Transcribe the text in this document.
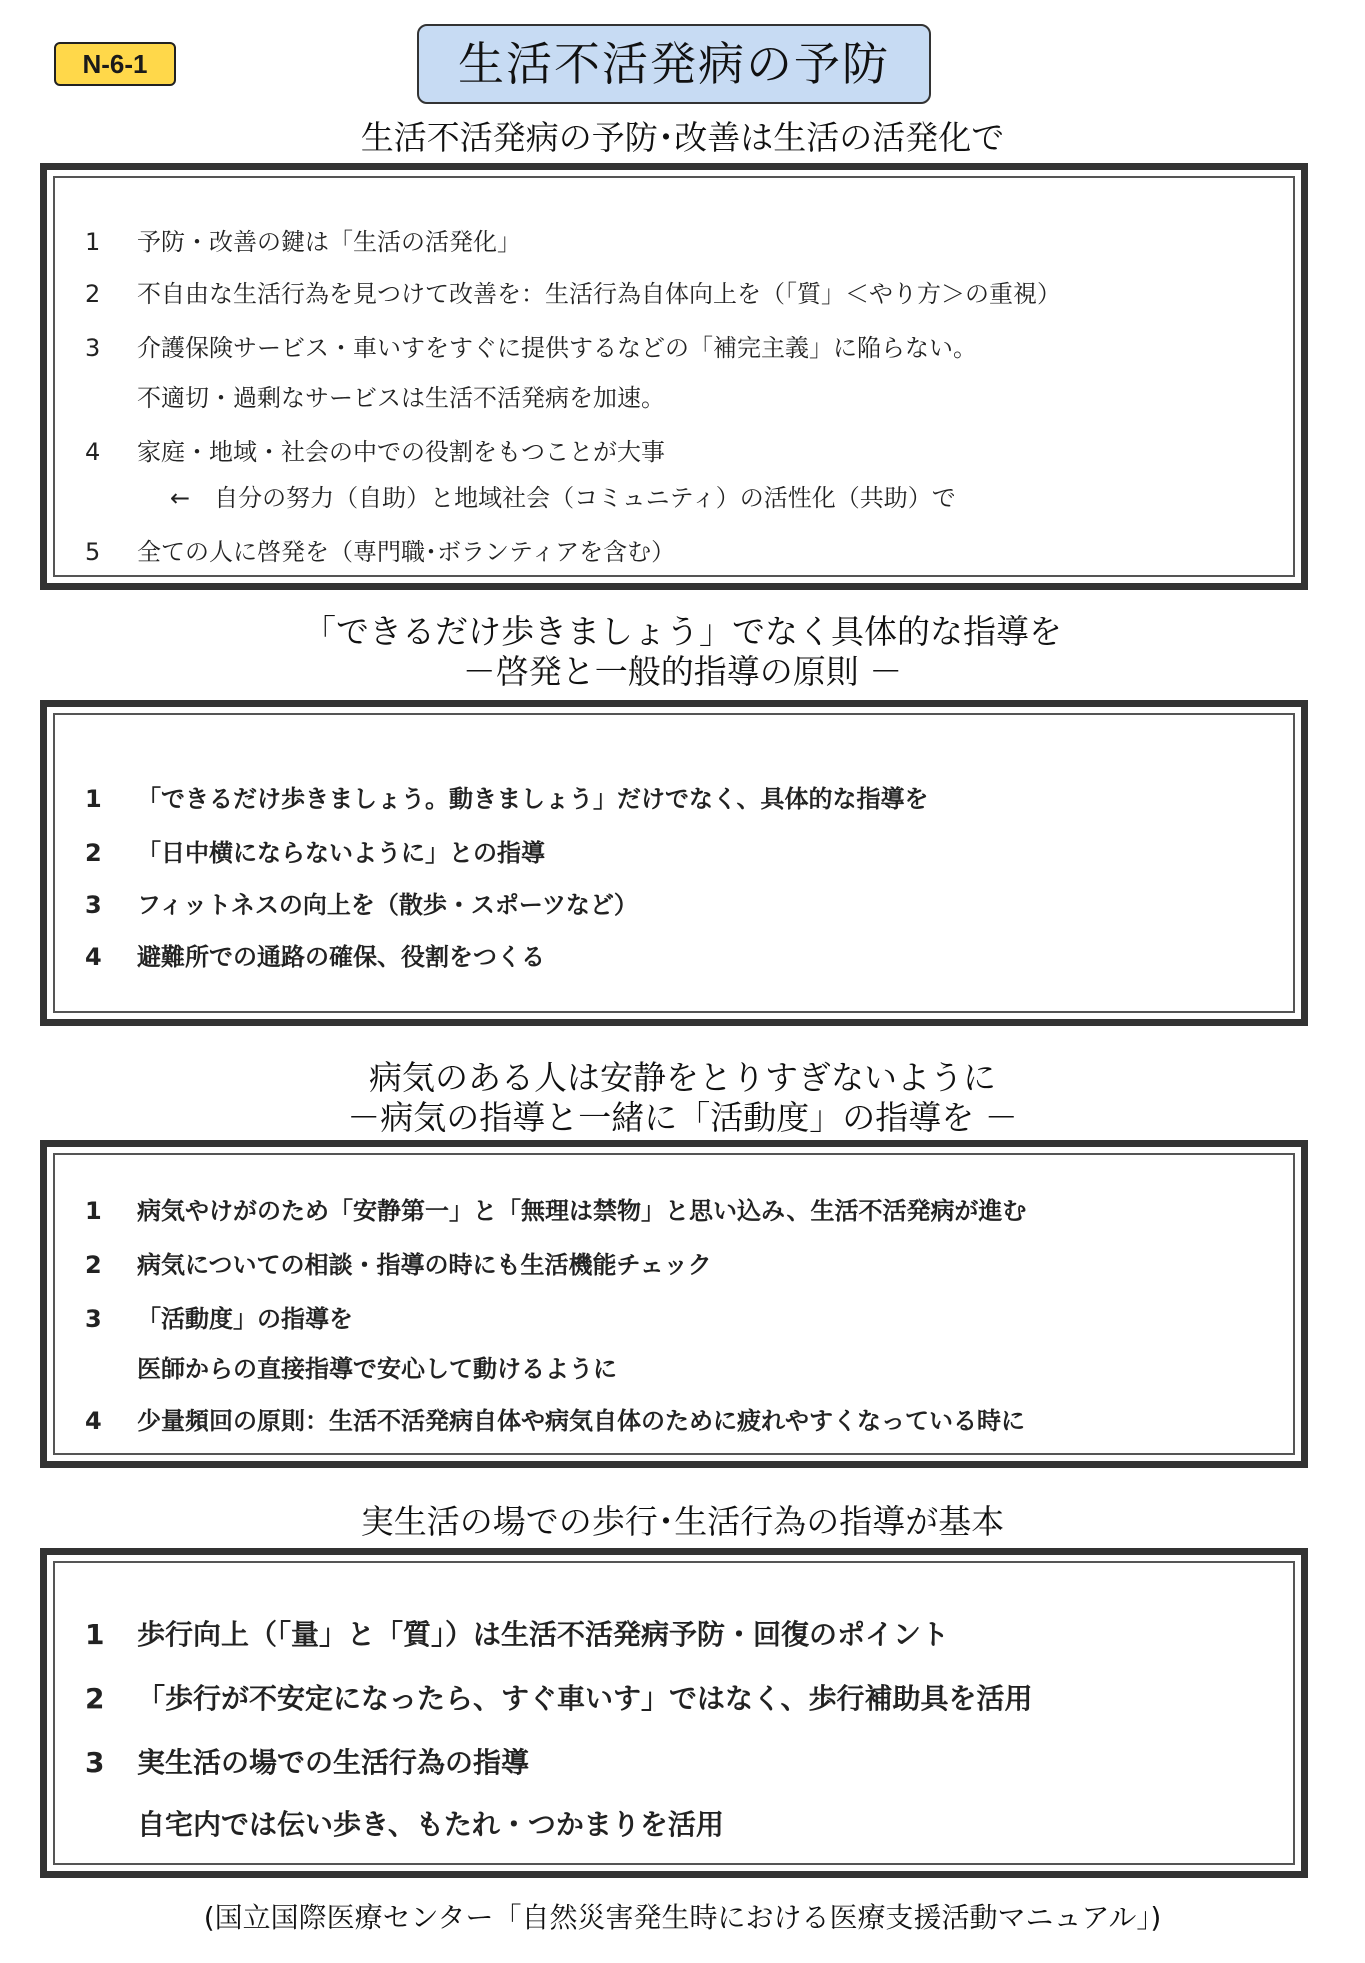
N-6-1	生活不活発病の予防
生活不活発病の予防･改善は生活の活発化で
1	予防・改善の鍵は「生活の活発化」
2	不自由な生活行為を見つけて改善を：生活行為自体向上を（「質」＜やり方＞の重視）
3	介護保険サービス・車いすをすぐに提供するなどの「補完主義」に陥らない。
不適切・過剰なサービスは生活不活発病を加速。
4	家庭・地域・社会の中での役割をもつことが大事
←　自分の努力（自助）と地域社会（コミュニティ）の活性化（共助）で
5	全ての人に啓発を（専門職･ボランティアを含む）
「できるだけ歩きましょう」でなく具体的な指導を
－啓発と一般的指導の原則 －
1	「できるだけ歩きましょう。動きましょう」だけでなく、具体的な指導を
2	「日中横にならないように」との指導
3	フィットネスの向上を（散歩・スポーツなど）
4	避難所での通路の確保、役割をつくる
病気のある人は安静をとりすぎないように
－病気の指導と一緒に「活動度」の指導を －
1	病気やけがのため「安静第一」と「無理は禁物」と思い込み、生活不活発病が進む
2	病気についての相談・指導の時にも生活機能チェック
3	「活動度」の指導を
医師からの直接指導で安心して動けるように
4	少量頻回の原則：生活不活発病自体や病気自体のために疲れやすくなっている時に
実生活の場での歩行･生活行為の指導が基本
1	歩行向上（「量」と「質」）は生活不活発病予防・回復のポイント
2	「歩行が不安定になったら、すぐ車いす」ではなく、歩行補助具を活用
3	実生活の場での生活行為の指導
自宅内では伝い歩き、もたれ・つかまりを活用
(国立国際医療センター「自然災害発生時における医療支援活動マニュアル」)
